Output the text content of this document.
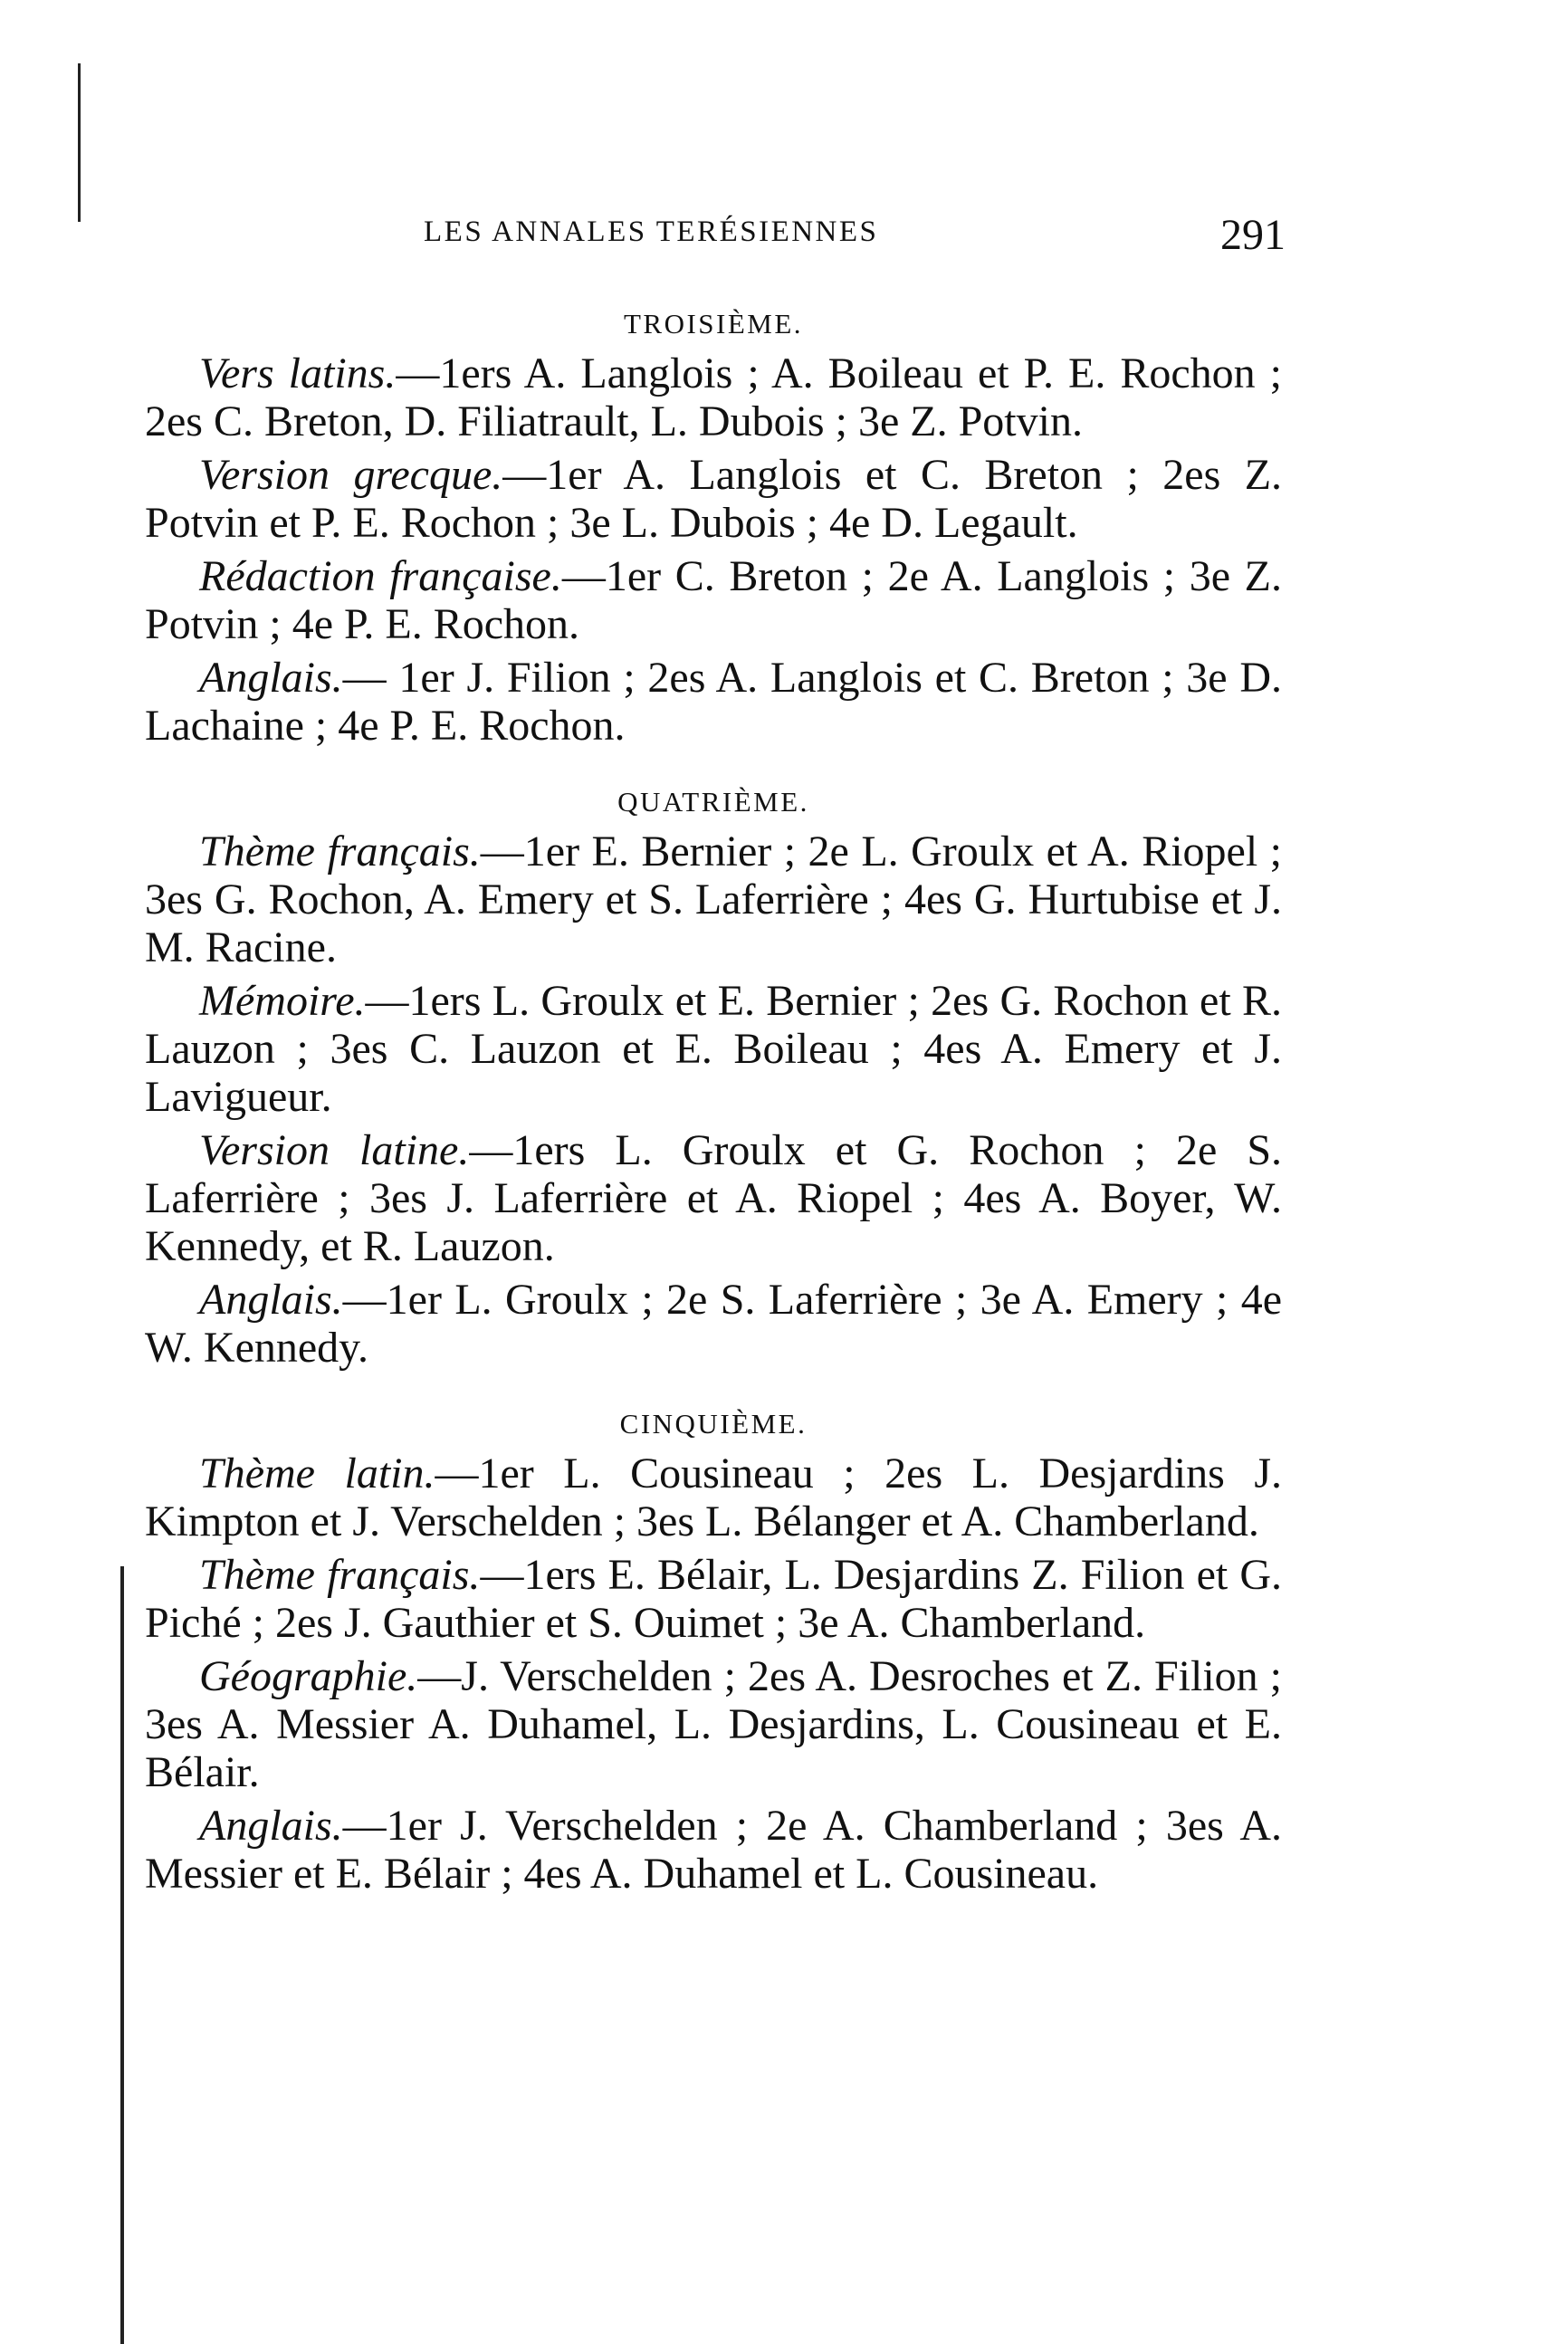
LES ANNALES TERÉSIENNES	291

TROISIÈME.

Vers latins.—1ers A. Langlois ; A. Boileau et P. E. Rochon ; 2es C. Breton, D. Filiatrault, L. Dubois ; 3e Z. Potvin.

Version grecque.—1er A. Langlois et C. Breton ; 2es Z. Potvin et P. E. Rochon ; 3e L. Dubois ; 4e D. Legault.

Rédaction française.—1er C. Breton ; 2e A. Langlois ; 3e Z. Potvin ; 4e P. E. Rochon.

Anglais.— 1er J. Filion ; 2es A. Langlois et C. Breton ; 3e D. Lachaine ; 4e P. E. Rochon.

QUATRIÈME.

Thème français.—1er E. Bernier ; 2e L. Groulx et A. Riopel ; 3es G. Rochon, A. Emery et S. Laferrière ; 4es G. Hurtubise et J. M. Racine.

Mémoire.—1ers L. Groulx et E. Bernier ; 2es G. Rochon et R. Lauzon ; 3es C. Lauzon et E. Boileau ; 4es A. Emery et J. Lavigueur.

Version latine.—1ers L. Groulx et G. Rochon ; 2e S. Laferrière ; 3es J. Laferrière et A. Riopel ; 4es A. Boyer, W. Kennedy, et R. Lauzon.

Anglais.—1er L. Groulx ; 2e S. Laferrière ; 3e A. Emery ; 4e W. Kennedy.

CINQUIÈME.

Thème latin.—1er L. Cousineau ; 2es L. Desjardins J. Kimpton et J. Verschelden ; 3es L. Bélanger et A. Chamberland.

Thème français.—1ers E. Bélair, L. Desjardins Z. Filion et G. Piché ; 2es J. Gauthier et S. Ouimet ; 3e A. Chamberland.

Géographie.—J. Verschelden ; 2es A. Desroches et Z. Filion ; 3es A. Messier A. Duhamel, L. Desjardins, L. Cousineau et E. Bélair.

Anglais.—1er J. Verschelden ; 2e A. Chamberland ; 3es A. Messier et E. Bélair ; 4es A. Duhamel et L. Cousineau.
